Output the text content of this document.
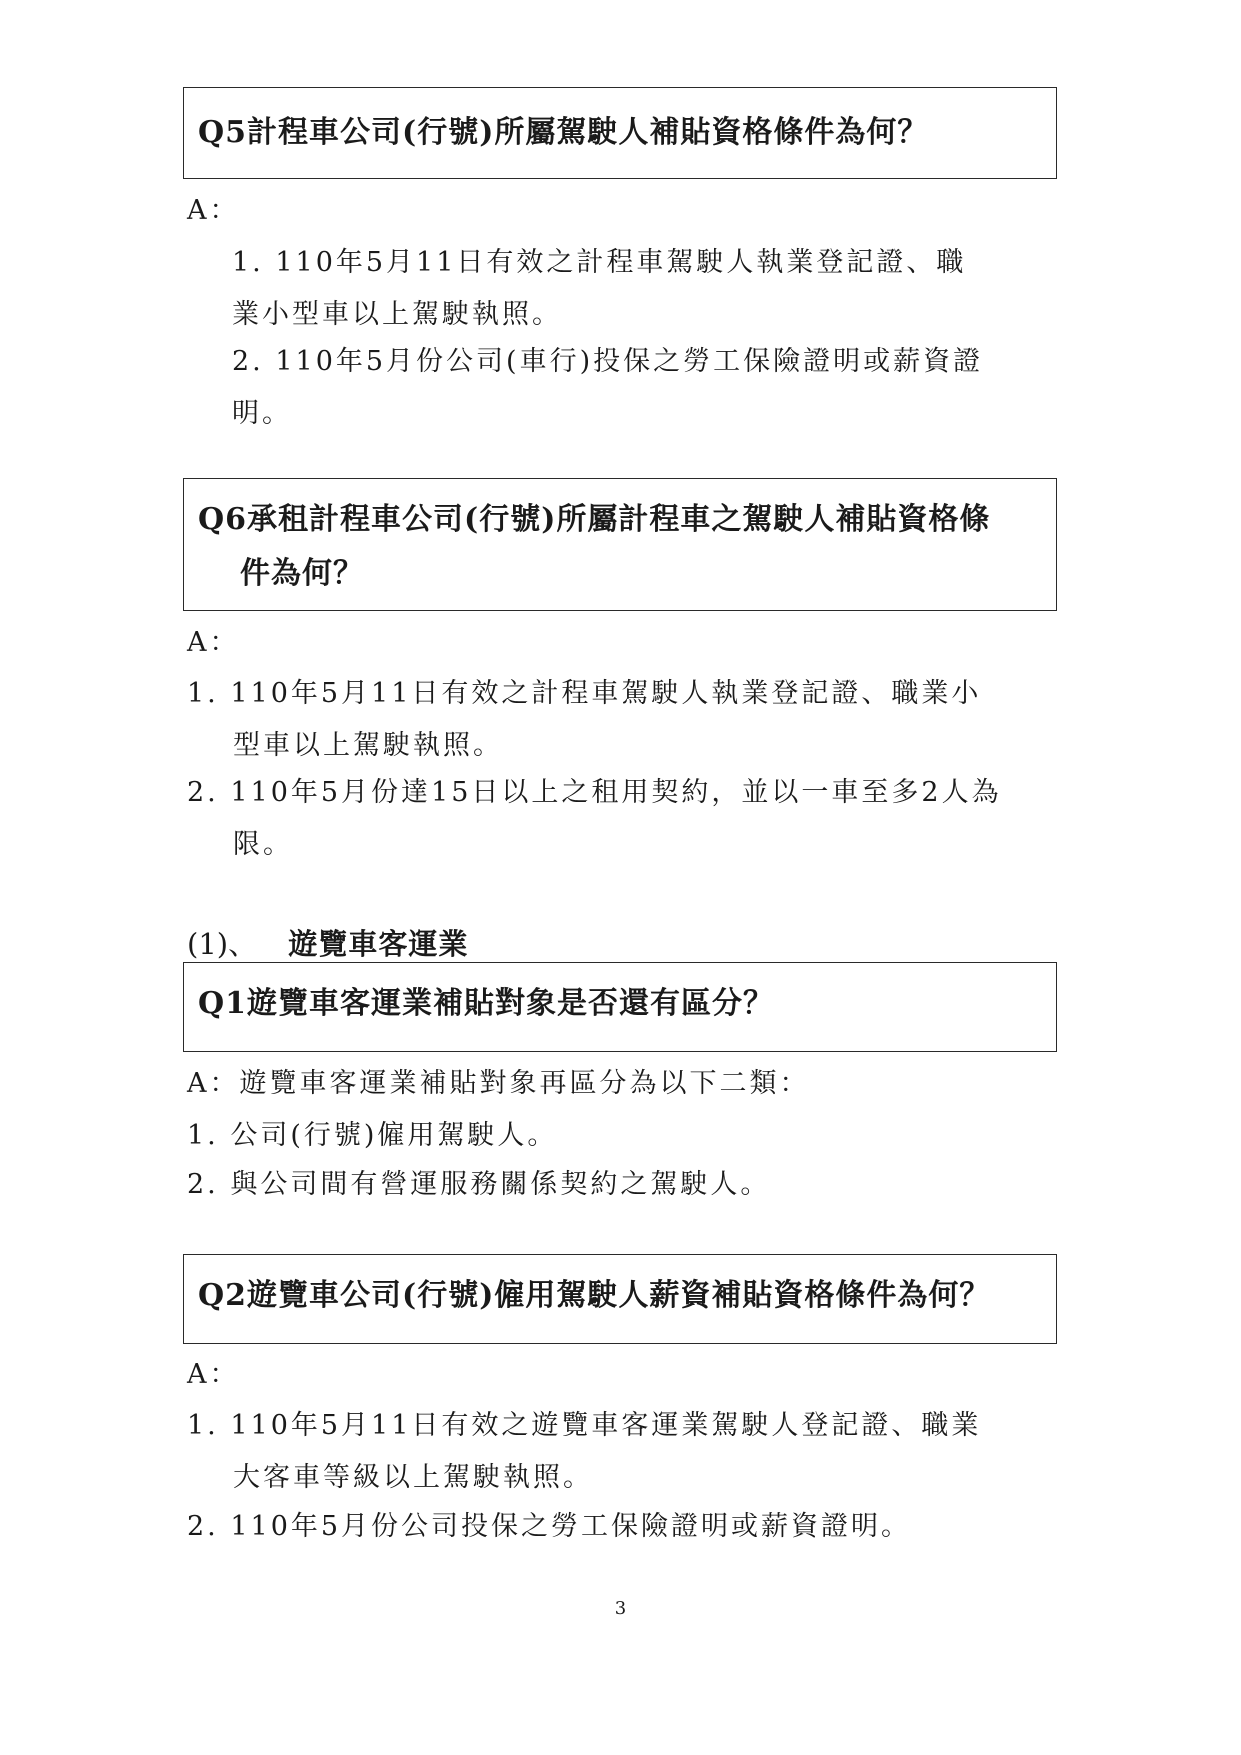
Q5計程車公司(行號)所屬駕駛人補貼資格條件為何？
A：
1. 110年5月11日有效之計程車駕駛人執業登記證、職
業小型車以上駕駛執照。
2. 110年5月份公司(車行)投保之勞工保險證明或薪資證
明。
Q6承租計程車公司(行號)所屬計程車之駕駛人補貼資格條
件為何？
A：
1. 110年5月11日有效之計程車駕駛人執業登記證、職業小
型車以上駕駛執照。
2. 110年5月份達15日以上之租用契約，並以一車至多2人為
限。
(1)、 遊覽車客運業
Q1遊覽車客運業補貼對象是否還有區分？
A：遊覽車客運業補貼對象再區分為以下二類：
1. 公司(行號)僱用駕駛人。
2. 與公司間有營運服務關係契約之駕駛人。
Q2遊覽車公司(行號)僱用駕駛人薪資補貼資格條件為何？
A：
1. 110年5月11日有效之遊覽車客運業駕駛人登記證、職業
大客車等級以上駕駛執照。
2. 110年5月份公司投保之勞工保險證明或薪資證明。
3
